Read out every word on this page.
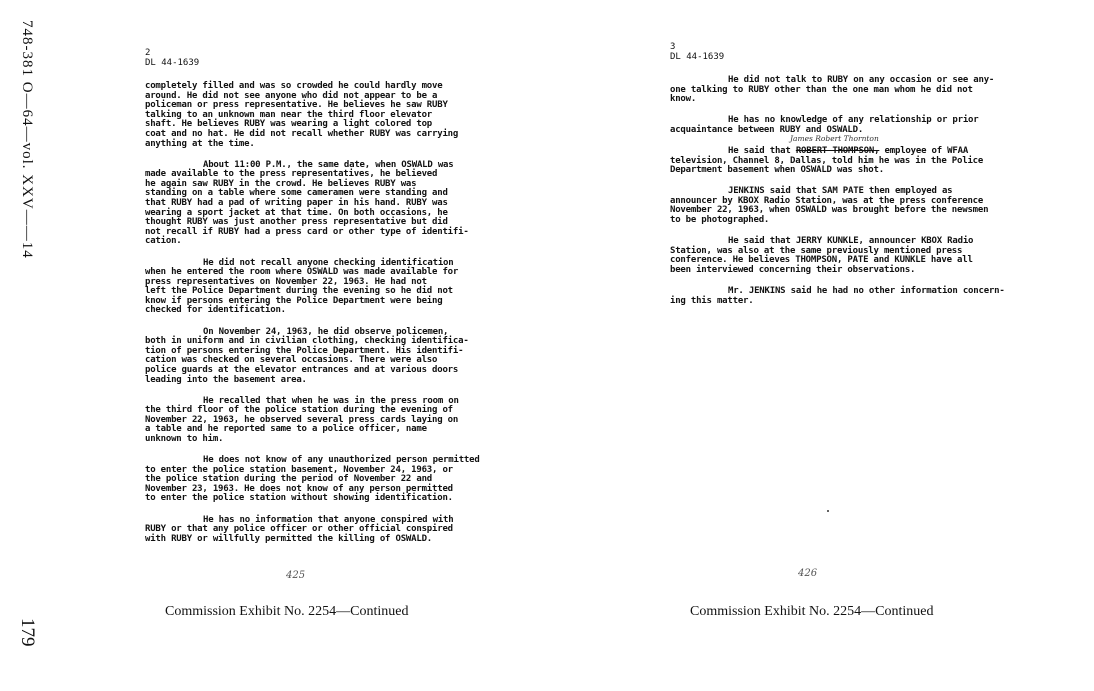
748-381 O—64—vol. XXV——14
179
2
DL 44-1639
completely filled and was so crowded he could hardly move
around. He did not see anyone who did not appear to be a
policeman or press representative. He believes he saw RUBY
talking to an unknown man near the third floor elevator
shaft. He believes RUBY was wearing a light colored top
coat and no hat. He did not recall whether RUBY was carrying
anything at the time.
About 11:00 P.M., the same date, when OSWALD was
made available to the press representatives, he believed
he again saw RUBY in the crowd. He believes RUBY was
standing on a table where some cameramen were standing and
that RUBY had a pad of writing paper in his hand. RUBY was
wearing a sport jacket at that time. On both occasions, he
thought RUBY was just another press representative but did
not recall if RUBY had a press card or other type of identifi-
cation.
He did not recall anyone checking identification
when he entered the room where OSWALD was made available for
press representatives on November 22, 1963. He had not
left the Police Department during the evening so he did not
know if persons entering the Police Department were being
checked for identification.
On November 24, 1963, he did observe policemen,
both in uniform and in civilian clothing, checking identifica-
tion of persons entering the Police Department. His identifi-
cation was checked on several occasions. There were also
police guards at the elevator entrances and at various doors
leading into the basement area.
He recalled that when he was in the press room on
the third floor of the police station during the evening of
November 22, 1963, he observed several press cards laying on
a table and he reported same to a police officer, name
unknown to him.
He does not know of any unauthorized person permitted
to enter the police station basement, November 24, 1963, or
the police station during the period of November 22 and
November 23, 1963. He does not know of any person permitted
to enter the police station without showing identification.
He has no information that anyone conspired with
RUBY or that any police officer or other official conspired
with RUBY or willfully permitted the killing of OSWALD.
425
Commission Exhibit No. 2254—Continued
3
DL 44-1639
He did not talk to RUBY on any occasion or see any-
one talking to RUBY other than the one man whom he did not
know.
He has no knowledge of any relationship or prior
acquaintance between RUBY and OSWALD.
He said that ROBERT THOMPSON, employee of WFAA
television, Channel 8, Dallas, told him he was in the Police
Department basement when OSWALD was shot.
JENKINS said that SAM PATE then employed as
announcer by KBOX Radio Station, was at the press conference
November 22, 1963, when OSWALD was brought before the newsmen
to be photographed.
He said that JERRY KUNKLE, announcer KBOX Radio
Station, was also at the same previously mentioned press
conference. He believes THOMPSON, PATE and KUNKLE have all
been interviewed concerning their observations.
Mr. JENKINS said he had no other information concern-
ing this matter.
James Robert Thornton
426
Commission Exhibit No. 2254—Continued
